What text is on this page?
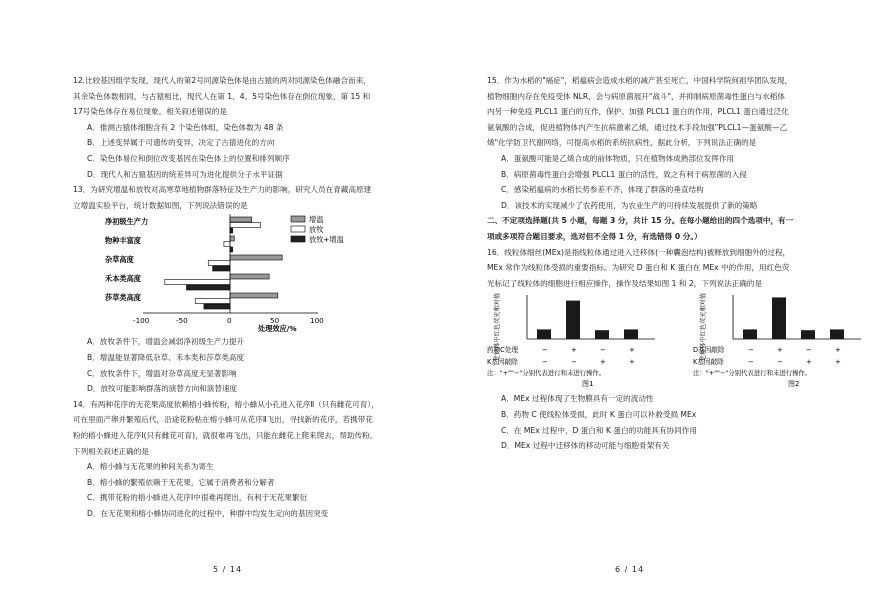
12.比较基因组学发现，现代人的第2号同源染色体是由古猿的两对同源染色体融合而来，

其余染色体数相同，与古猿相比，现代人在第 1、4、5号染色体存在倒位现象，第 15 和

17号染色体存在易位现象。相关叙述错误的是

A．推测古猿体细胞含有 2 个染色体组，染色体数为 48 条

B．上述变异属于可遗传的变异，决定了古猿进化的方向

C．染色体易位和倒位改变基因在染色体上的位置和排列顺序

D．现代人和古猿基因的统差异可为进化提供分子水平证据

13．为研究增温和放牧对高寒草地植物群落特征及生产力的影响，研究人员在青藏高原建

立增温实验平台，统计数据如图，下列说法错误的是

增温
放牧
放牧+增温
净初级生产力
物种丰富度
杂草高度
禾本类高度
莎草类高度
-100	-50	0	50	100
处理效应/%

A．放牧条件下，增温会减弱净初级生产力提升

B．增温能显著降低杂草、禾本类和莎草类高度

C．放牧条件下，增温对杂草高度无显著影响

D．放牧可能影响群落的演替方向和演替速度

14．有两种花序的无花果高度依赖榕小蜂传粉，榕小蜂从小孔进入花序Ⅱ（只有雌花可育），

可在里面产卵并繁殖后代，沿途花粉粘在榕小蜂可从花序Ⅱ飞出，寻找新的花序，若携带花

粉的榕小蜂进入花序Ⅰ(只有雌花可育)，就很难再飞出，只能在雌花上爬来爬去，帮助传粉。

下列相关叙述正确的是

A．榕小蜂与无花果的种间关系为寄生

B．榕小蜂的繁殖依赖于无花果，它属于消费者和分解者

C．携带花粉的榕小蜂进入花序Ⅰ中很难再爬出，有利于无花果繁衍

D．在无花果和榕小蜂协同进化的过程中，种群中均发生定向的基因突变

5 / 14

15．作为水稻的"癌症"，稻瘟病会造成水稻的减产甚至死亡，中国科学院何祖华团队发现，

植物细胞内存在免疫受体 NLR，会与病原菌展开"战斗"，并抑制病原菌毒性蛋白与水稻体

内另一种免疫 PLCL1 蛋白的互作，保护、加强 PLCL1 蛋白的作用，PLCL1 蛋白通过泛化

氨氧酸的合成，促进植物体内产生抗病激素乙烯，通过技术手段加强"PLCL1—蛋氨酸—乙

烯"化学防卫代谢网络，可提高水稻的系统抗病性，据此分析，下列说法正确的是

A．蛋氨酸可能是乙烯合成的前体物质，只在植物体成熟部位发挥作用

B．病原菌毒性蛋白会增强 PLCL1 蛋白的活性，致之有利于病原菌的入侵

C．感染稻瘟病的水稻长势参差不齐，体现了群落的垂直结构

D．该技术的实现减少了农药使用，为农业生产的可持续发展提供了新的策略

二、不定项选择题(共 5 小题，每题 3 分，共计 15 分。在每小题给出的四个选项中，有一

项或多项符合题目要求，选对但不全得 1 分，有选错得 0 分。）

16．线粒体细丝(MEx)是指线粒体通过进入迁移体(一种囊泡结构)被释放到细胞外的过程，

MEx 常作为线粒体受损的重要指标。为研究 D 蛋白和 K 蛋白在 MEx 中的作用，用红色荧

光标记了线粒体的细胞进行相应操作，操作及结果如图 1 和 2，下列说法正确的是

迁移体中红色荧光相对值
药物C处理	−	+	−	+
K基因敲除	−	−	+	+
注："+""−"分别代表进行和未进行操作。
图1
迁移体中红色荧光相对值
D基因敲除	−	+	−	+
K基因敲除	−	−	+	+
注："+""−"分别代表进行和未进行操作。
图2

A．MEx 过程体现了生物膜具有一定的流动性

B．药物 C 使线粒体受损，此时 K 蛋白可以补救受损 MEx

C．在 MEx 过程中，D 蛋白和 K 蛋白的功能具有协同作用

D．MEx 过程中迁移体的移动可能与细胞骨架有关

6 / 14
